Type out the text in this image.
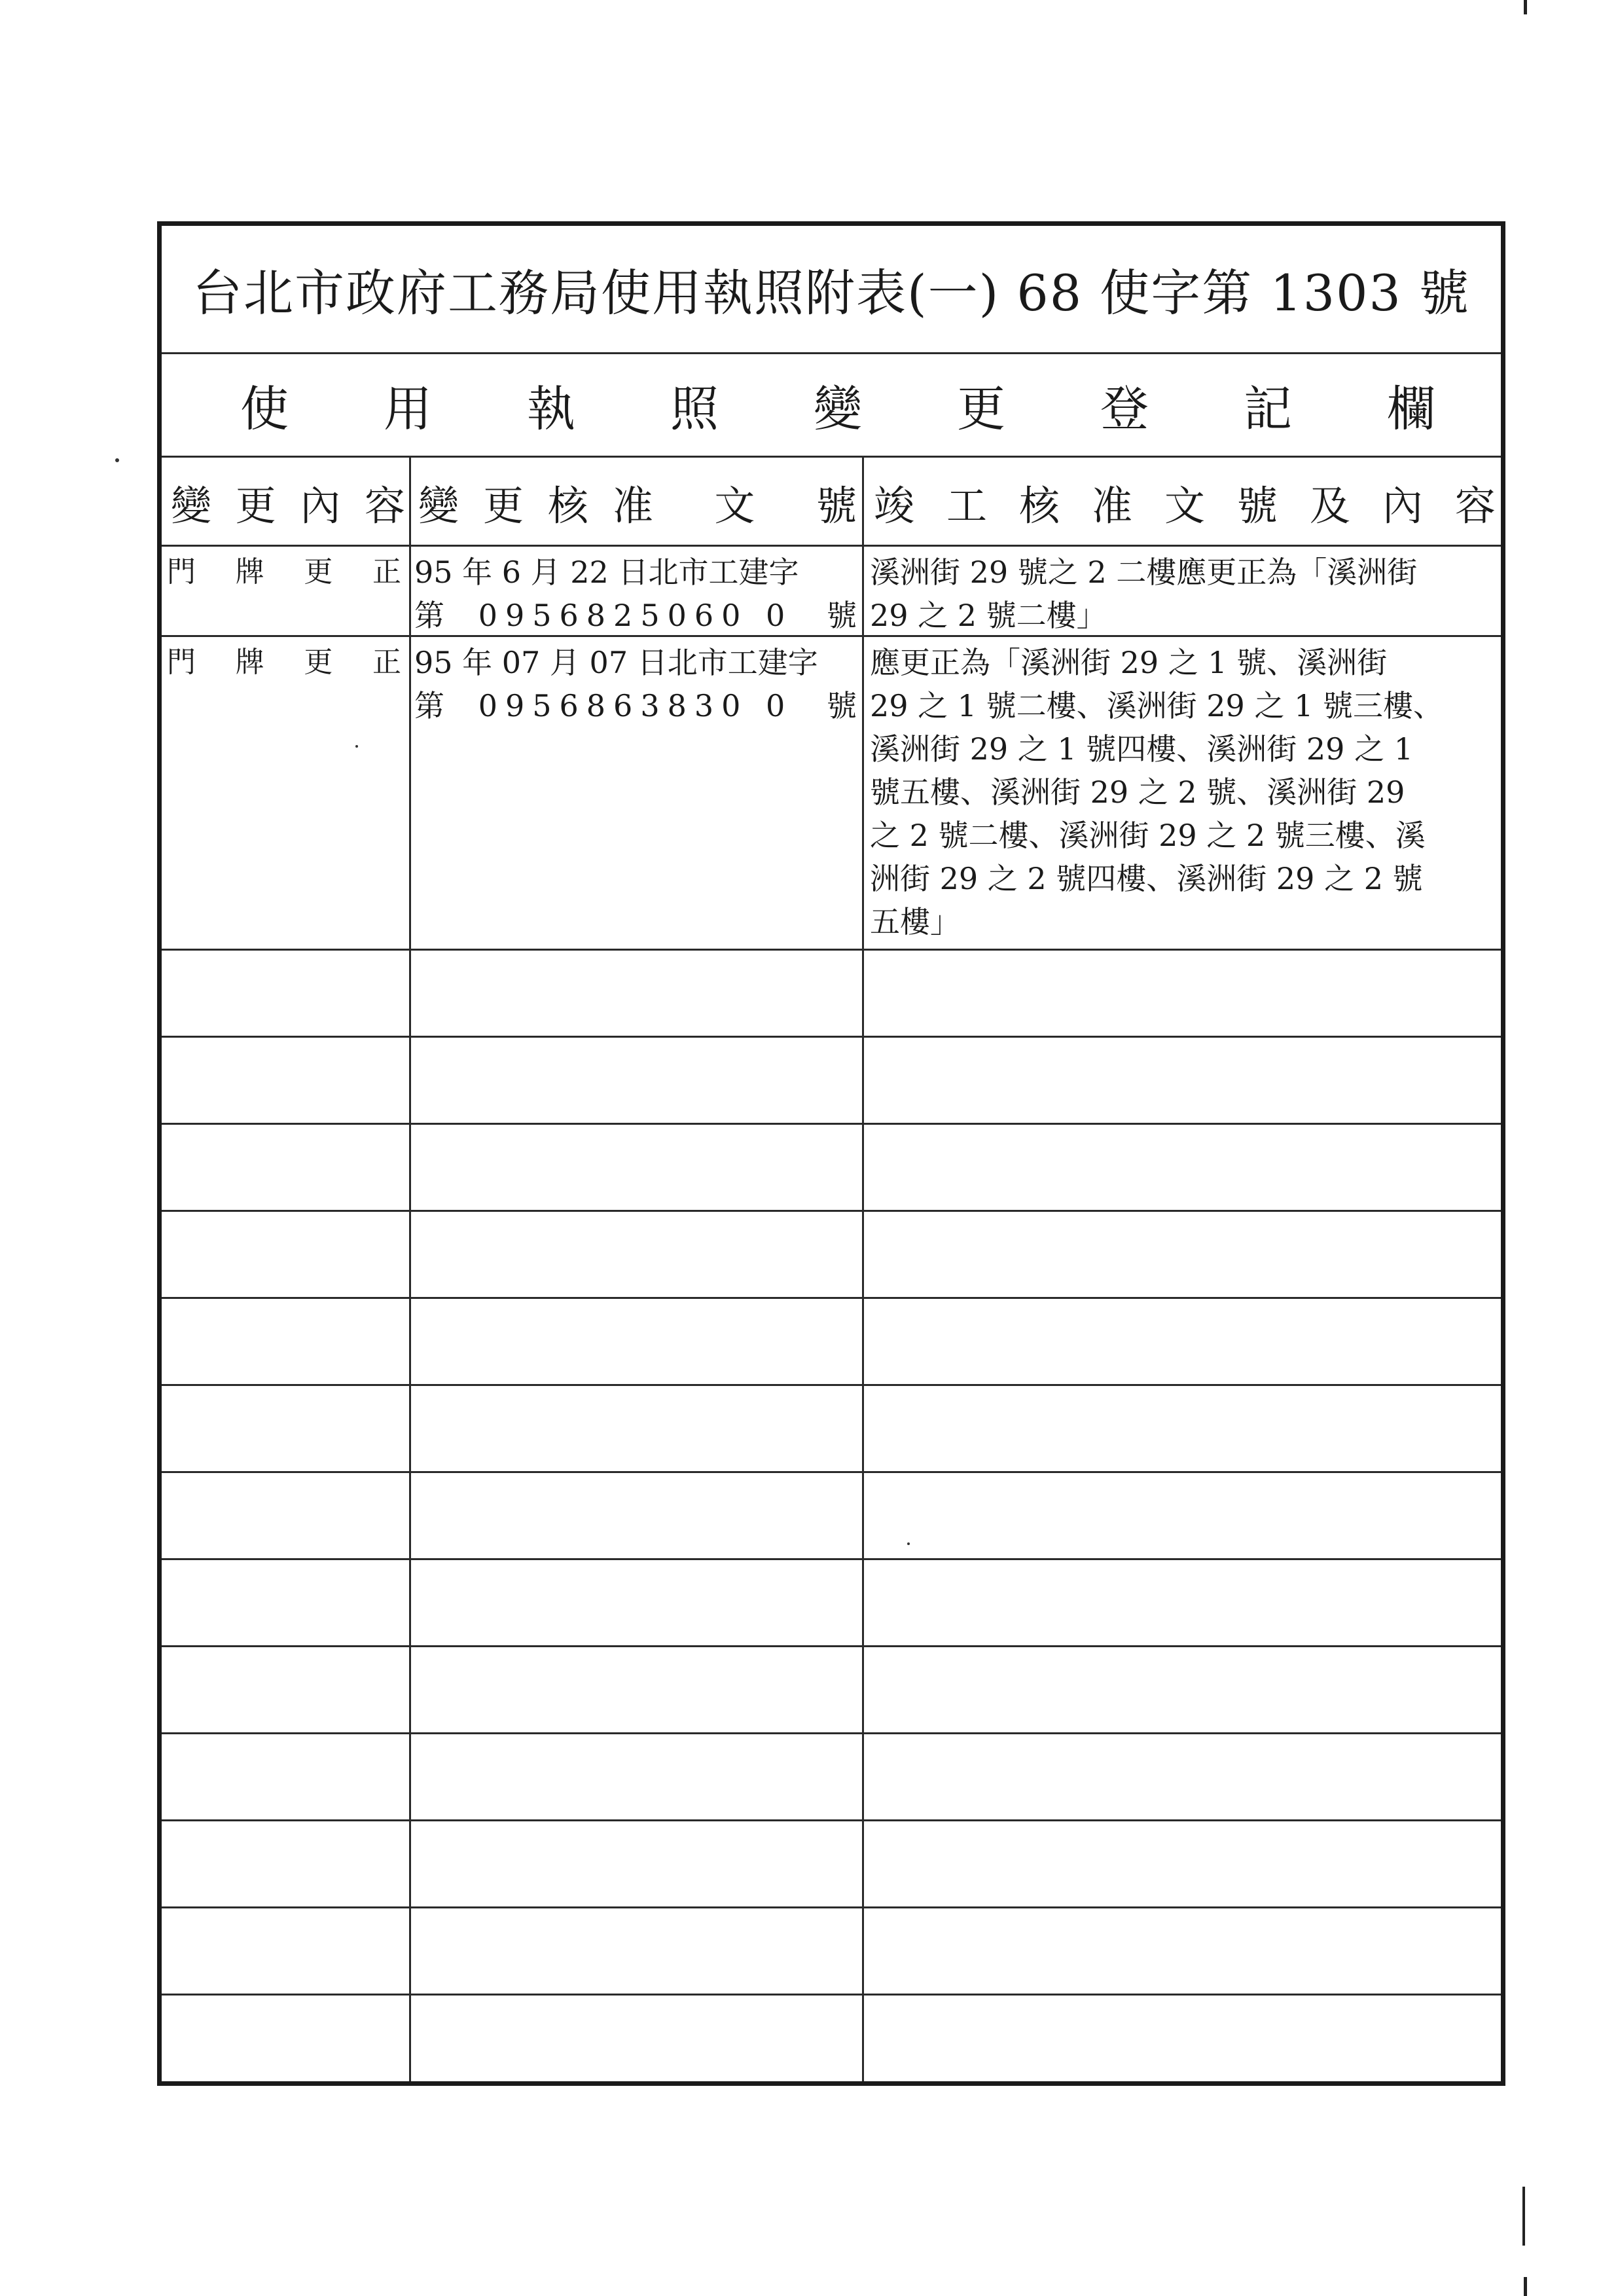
台北市政府工務局使用執照附表(一) 68 使字第 1303 號
使 用 執 照 變 更 登 記 欄
變 更 內 容 變 更 核 准
文
號 竣 工 核 准 文 號 及 內 容
門 牌 更 正 95 年 6 月 22 日北市工建字
第 0956825060 0 號
溪洲街 29 號之 2 二樓應更正為「溪洲街
29 之 2 號二樓」
門 牌 更 正 95 年 07 月 07 日北市工建字
第 0956863830 0 號
應更正為「溪洲街 29 之 1 號、溪洲街
29 之 1 號二樓、溪洲街 29 之 1 號三樓、
溪洲街 29 之 1 號四樓、溪洲街 29 之 1
號五樓、溪洲街 29 之 2 號、溪洲街 29
之 2 號二樓、溪洲街 29 之 2 號三樓、溪
洲街 29 之 2 號四樓、溪洲街 29 之 2 號
五樓」
